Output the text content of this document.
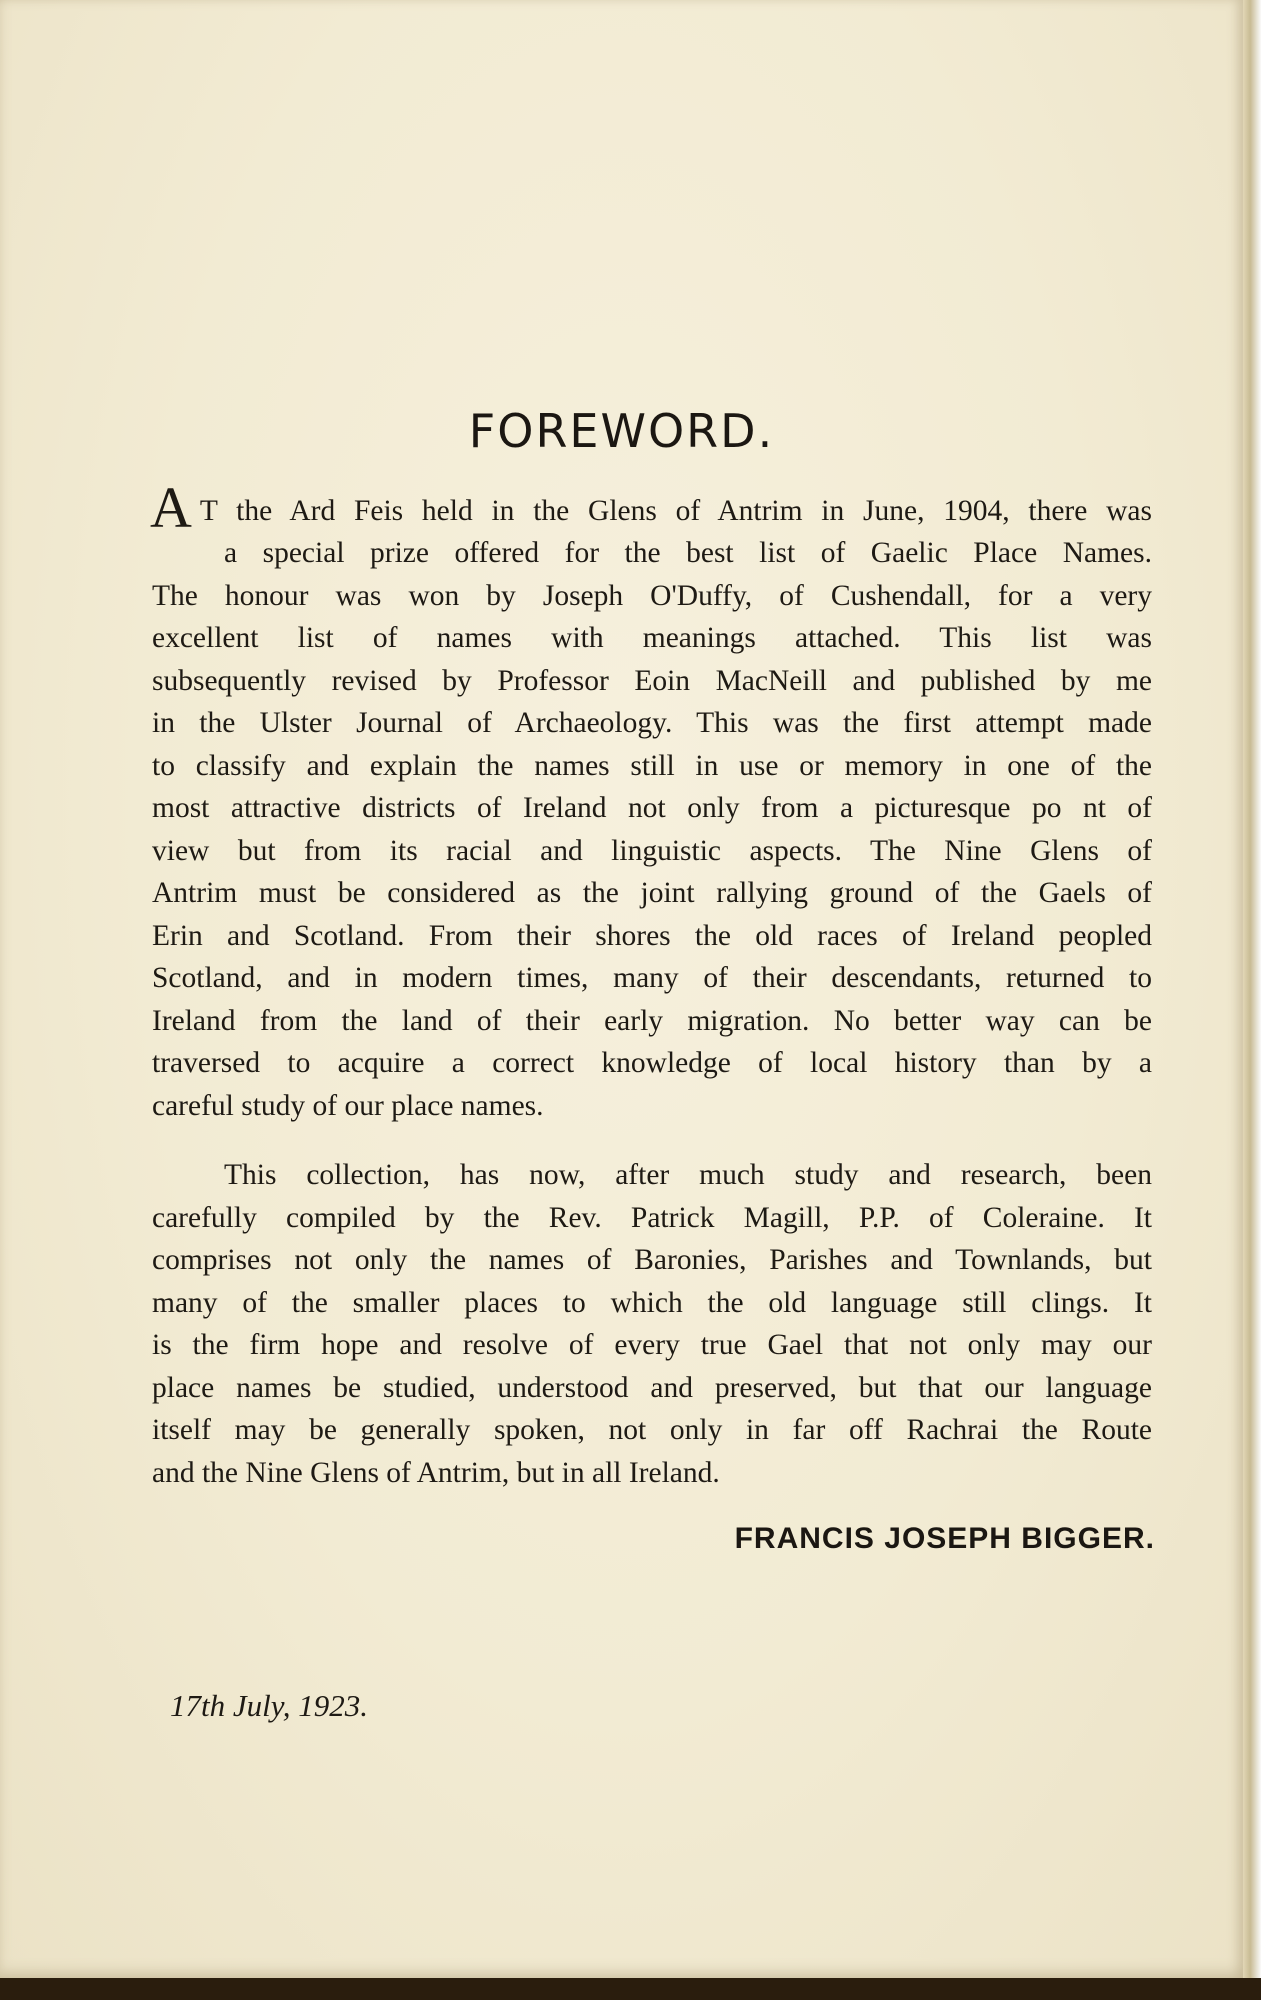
FOREWORD.
A T the Ard Feis held in the Glens of Antrim in June, 1904, there was
a special prize offered for the best list of Gaelic Place Names.
The honour was won by Joseph O'Duffy, of Cushendall, for a very
excellent list of names with meanings attached. This list was
subsequently revised by Professor Eoin MacNeill and published by me
in the Ulster Journal of Archaeology. This was the first attempt made
to classify and explain the names still in use or memory in one of the
most attractive districts of Ireland not only from a picturesque po nt of
view but from its racial and linguistic aspects. The Nine Glens of
Antrim must be considered as the joint rallying ground of the Gaels of
Erin and Scotland. From their shores the old races of Ireland peopled
Scotland, and in modern times, many of their descendants, returned to
Ireland from the land of their early migration. No better way can be
traversed to acquire a correct knowledge of local history than by a
careful study of our place names.
This collection, has now, after much study and research, been
carefully compiled by the Rev. Patrick Magill, P.P. of Coleraine. It
comprises not only the names of Baronies, Parishes and Townlands, but
many of the smaller places to which the old language still clings. It
is the firm hope and resolve of every true Gael that not only may our
place names be studied, understood and preserved, but that our language
itself may be generally spoken, not only in far off Rachrai the Route
and the Nine Glens of Antrim, but in all Ireland.
FRANCIS JOSEPH BIGGER.
17th July, 1923.
